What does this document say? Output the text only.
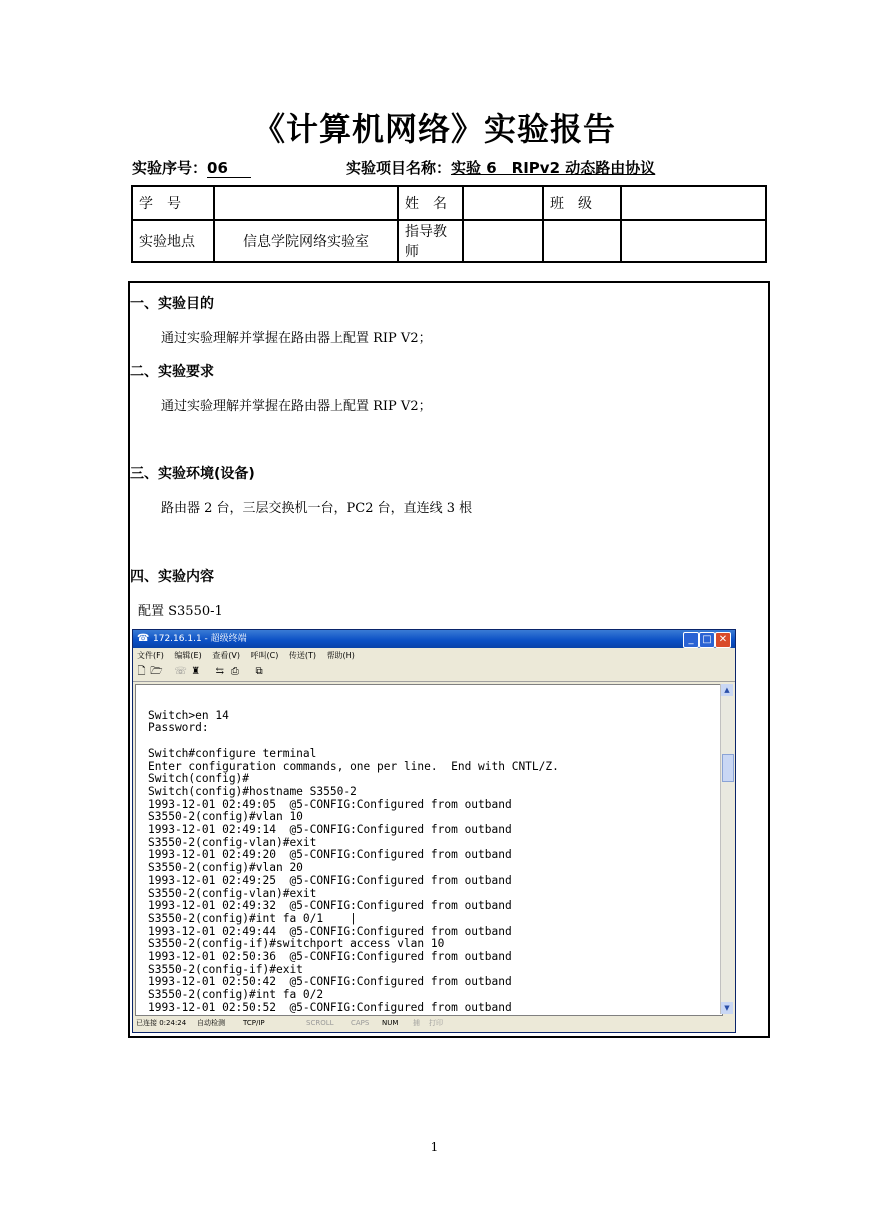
《计算机网络》实验报告
实验序号：06	实验项目名称：实验 6　RIPv2 动态路由协议
学　号		姓　名		班　级	
实验地点	信息学院网络实验室	指导教师			
一、实验目的
通过实验理解并掌握在路由器上配置 RIP V2；
二、实验要求
通过实验理解并掌握在路由器上配置 RIP V2；
三、实验环境(设备)
路由器 2 台，三层交换机一台，PC2 台，直连线 3 根
四、实验内容
配置 S3550-1
☎ 172.16.1.1 - 超级终端	_ □ ✕
文件(F) 编辑(E) 查看(V) 呼叫(C) 传送(T) 帮助(H)
🗋 🗁 ☏ ♜ ⇆ ⎙ ⧉

Switch>en 14
Password:

Switch#configure terminal
Enter configuration commands, one per line.  End with CNTL/Z.
Switch(config)#
Switch(config)#hostname S3550-2
1993-12-01 02:49:05  @5-CONFIG:Configured from outband
S3550-2(config)#vlan 10
1993-12-01 02:49:14  @5-CONFIG:Configured from outband
S3550-2(config-vlan)#exit
1993-12-01 02:49:20  @5-CONFIG:Configured from outband
S3550-2(config)#vlan 20
1993-12-01 02:49:25  @5-CONFIG:Configured from outband
S3550-2(config-vlan)#exit
1993-12-01 02:49:32  @5-CONFIG:Configured from outband
S3550-2(config)#int fa 0/1    |
1993-12-01 02:49:44  @5-CONFIG:Configured from outband
S3550-2(config-if)#switchport access vlan 10
1993-12-01 02:50:36  @5-CONFIG:Configured from outband
S3550-2(config-if)#exit
1993-12-01 02:50:42  @5-CONFIG:Configured from outband
S3550-2(config)#int fa 0/2
1993-12-01 02:50:52  @5-CONFIG:Configured from outband
▲
▼
已连接 0:24:24 自动检测	TCP/IP	SCROLL CAPS NUM 捕 打印
1
